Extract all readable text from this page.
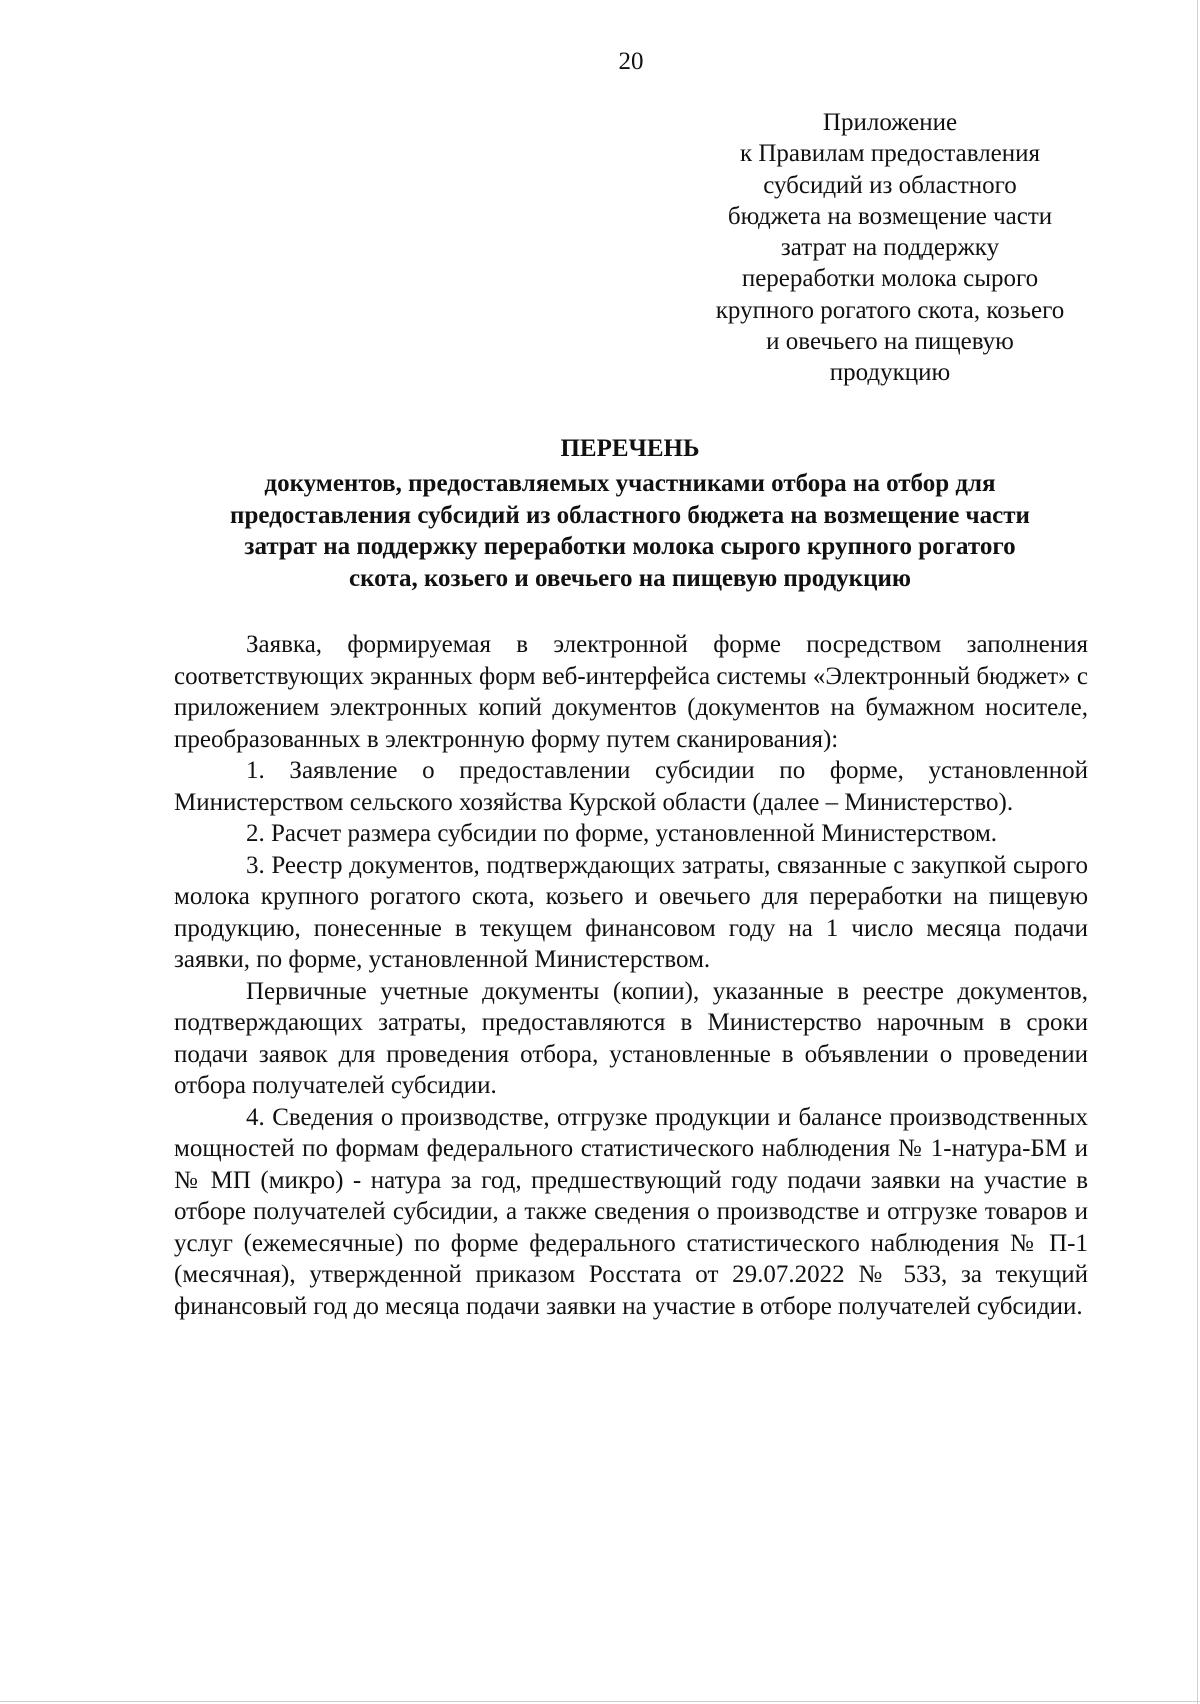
20
Приложение
к Правилам предоставления
субсидий из областного
бюджета на возмещение части
затрат на поддержку
переработки молока сырого
крупного рогатого скота, козьего
и овечьего на пищевую
продукцию
ПЕРЕЧЕНЬ
документов, предоставляемых участниками отбора на отбор для
предоставления субсидий из областного бюджета на возмещение части
затрат на поддержку переработки молока сырого крупного рогатого
скота, козьего и овечьего на пищевую продукцию

Заявка, формируемая в электронной форме посредством заполнения соответствующих экранных форм веб-интерфейса системы «Электронный бюджет» с приложением электронных копий документов (документов на бумажном носителе, преобразованных в электронную форму путем сканирования):

1. Заявление о предоставлении субсидии по форме, установленной Министерством сельского хозяйства Курской области (далее – Министерство).

2. Расчет размера субсидии по форме, установленной Министерством.

3. Реестр документов, подтверждающих затраты, связанные с закупкой сырого молока крупного рогатого скота, козьего и овечьего для переработки на пищевую продукцию, понесенные в текущем финансовом году на 1 число месяца подачи заявки, по форме, установленной Министерством.

Первичные учетные документы (копии), указанные в реестре документов, подтверждающих затраты, предоставляются в Министерство нарочным в сроки подачи заявок для проведения отбора, установленные в объявлении о проведении отбора получателей субсидии.

4. Сведения о производстве, отгрузке продукции и балансе производственных мощностей по формам федерального статистического наблюдения № 1-натура-БМ и № МП (микро) - натура за год, предшествующий году подачи заявки на участие в отборе получателей субсидии, а также сведения о производстве и отгрузке товаров и услуг (ежемесячные) по форме федерального статистического наблюдения № П-1 (месячная), утвержденной приказом Росстата от 29.07.2022 № 533, за текущий финансовый год до месяца подачи заявки на участие в отборе получателей субсидии.
